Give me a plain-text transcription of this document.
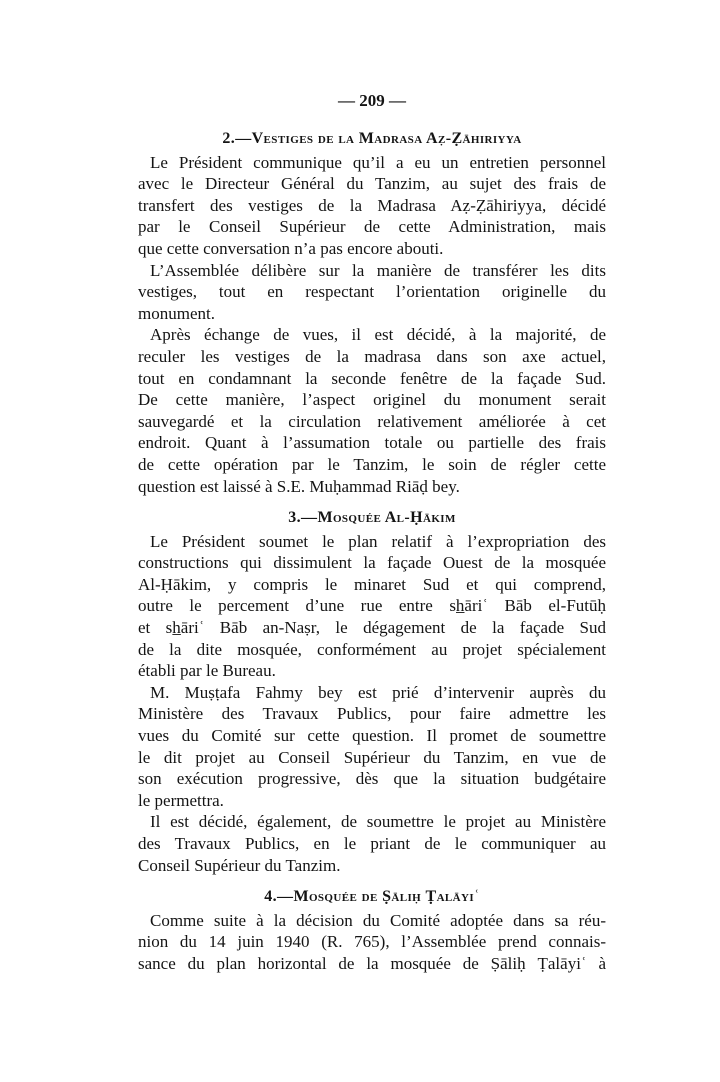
— 209 —
2.—Vestiges de la Madrasa Aẓ-Ẓāhiriyya
Le Président communique qu’il a eu un entretien personnel
avec le Directeur Général du Tanzim, au sujet des frais de
transfert des vestiges de la Madrasa Aẓ-Ẓāhiriyya, décidé
par le Conseil Supérieur de cette Administration, mais
que cette conversation n’a pas encore abouti.
L’Assemblée délibère sur la manière de transférer les dits
vestiges, tout en respectant l’orientation originelle du
monument.
Après échange de vues, il est décidé, à la majorité, de
reculer les vestiges de la madrasa dans son axe actuel,
tout en condamnant la seconde fenêtre de la façade Sud.
De cette manière, l’aspect originel du monument serait
sauvegardé et la circulation relativement améliorée à cet
endroit. Quant à l’assumation totale ou partielle des frais
de cette opération par le Tanzim, le soin de régler cette
question est laissé à S.E. Muḥammad Riāḍ bey.
3.—Mosquée Al-Ḥākim
Le Président soumet le plan relatif à l’expropriation des
constructions qui dissimulent la façade Ouest de la mosquée
Al-Ḥākim, y compris le minaret Sud et qui comprend,
outre le percement d’une rue entre sh̲āriʿ Bāb el-Futūḥ
et sh̲āriʿ Bāb an-Naṣr, le dégagement de la façade Sud
de la dite mosquée, conformément au projet spécialement
établi par le Bureau.
M. Muṣṭafa Fahmy bey est prié d’intervenir auprès du
Ministère des Travaux Publics, pour faire admettre les
vues du Comité sur cette question. Il promet de soumettre
le dit projet au Conseil Supérieur du Tanzim, en vue de
son exécution progressive, dès que la situation budgétaire
le permettra.
Il est décidé, également, de soumettre le projet au Ministère
des Travaux Publics, en le priant de le communiquer au
Conseil Supérieur du Tanzim.
4.—Mosquée de Ṣāliḥ Ṭalāyiʿ
Comme suite à la décision du Comité adoptée dans sa réu-
nion du 14 juin 1940 (R. 765), l’Assemblée prend connais-
sance du plan horizontal de la mosquée de Ṣāliḥ Ṭalāyiʿ à
